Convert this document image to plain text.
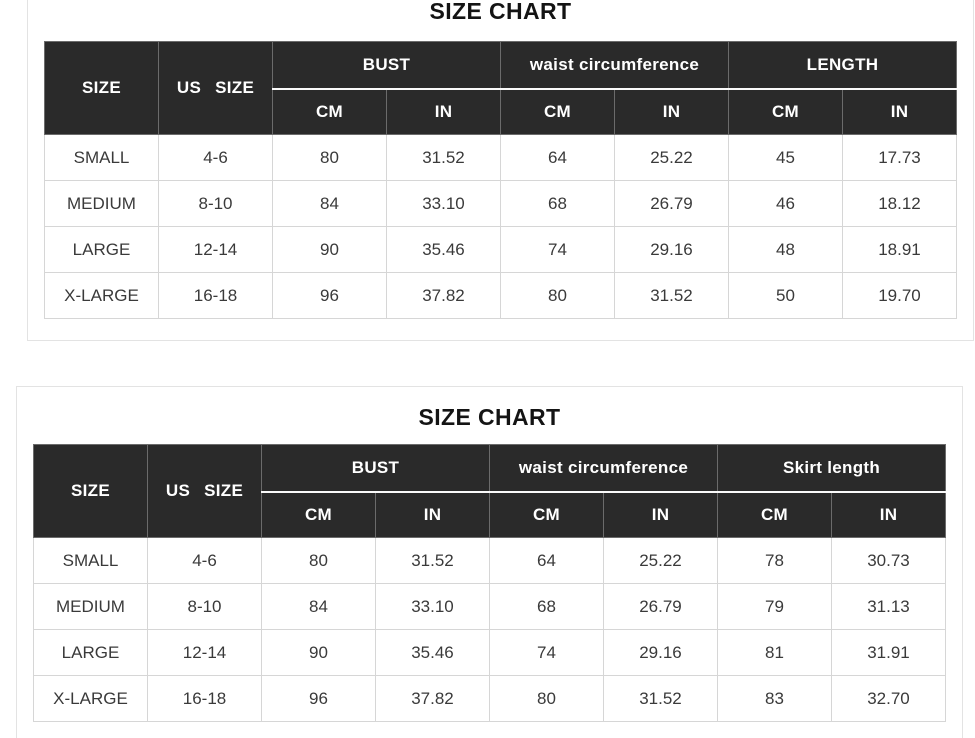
SIZE CHART
SIZE	US SIZE	BUST		waist circumference		LENGTH	
		CM	IN	CM	IN	CM	IN
SMALL	4-6	80	31.52	64	25.22	45	17.73
MEDIUM	8-10	84	33.10	68	26.79	46	18.12
LARGE	12-14	90	35.46	74	29.16	48	18.91
X-LARGE	16-18	96	37.82	80	31.52	50	19.70
SIZE CHART
SIZE	US SIZE	BUST		waist circumference		Skirt length	
		CM	IN	CM	IN	CM	IN
SMALL	4-6	80	31.52	64	25.22	78	30.73
MEDIUM	8-10	84	33.10	68	26.79	79	31.13
LARGE	12-14	90	35.46	74	29.16	81	31.91
X-LARGE	16-18	96	37.82	80	31.52	83	32.70
